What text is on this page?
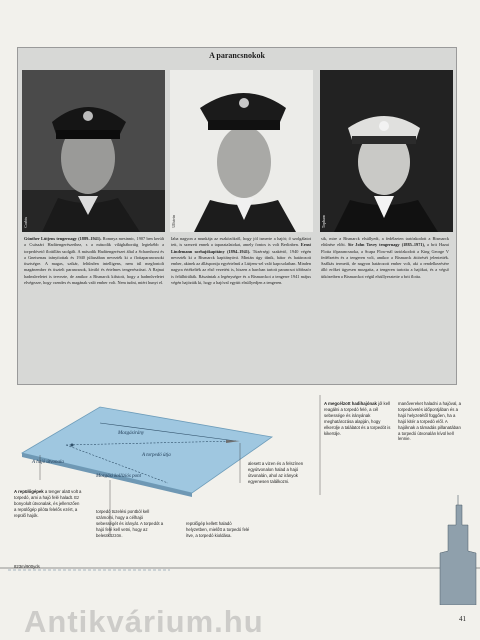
A parancsnokok
Corbis	Ullstein	Topham
Günther Lütjens tengernagy (1889–1941). Romnya mesinnic, 1907 ben került a Császári Haditengerészethez, s a második világháborúig legtekébb a torpedóvető flottillán szolgált. A második Haditengerészet által a Scharnhorst és a Gneisenau irányítottak és 1940 júliusában nevezték ki a flottaparancsnoki tisztségre. A magas, szikár, feltűnően intelligens, nem túl megfontolt magánember és tisztelt parancsnok, kiváló és értelmes tengerésztiszt. A Rajnai hadműveletet is tervezte, de amikor a Bismarck kifutott, hogy a hadműveletet elvégezze, hogy csendes és magának való ember volt. Nem tudni, miért hunyt el.
Iaba nagyon a munkája az eszközökről, hogy jól ismerte a hajót; ő szolgálatot tett, is szerzett ennek a tapasztalatokat, amely fontos is volt Berlinben. Ernst Lindemann sorhajókapitány (1894–1941). Tüzérségi szakértő, 1940 végén nevezték ki a Bismarck kapitányává. Mintán úgy tűnik, bátor és határozott ember, akinek az álláspontja egyértelmű a Lütjens-sel való kapcsolatban. Minden nagyra értékelték az első vezetést is, hiszen a harcban tartott parancsot többször is felülbírálták. Rászántak a legénységre és a Bismarckot a tengerre 1941 május végén hajózták ki, hogy a hajóval együtt elsüllyedjen a tengeren.
sik, mire a Bismarck elsüllyedt, a fedélzeten tartózkodott a Bismarck eltűnése előtt. Sir John Tovey tengernagy (1885–1971), a brit Hazai Flotta főparancsnoka, a Scapa Flow-nál tartózkodott a King George V fedélzetén és a tengeren volt, amikor a Bismarck áttörését jelentették. Szálkás termetű, de nagyon határozott ember volt, aki a rendelkezésére álló erőket ügyesen mozgatta, a tengeren tartotta a hajókat, és a végső ütközetben a Bismarckot végül elsüllyesztette a brit flotta.
Mozgásirány
A torpedó útja
A hajó útvonala
Mozgási kollíziós pont
A repülőgépek a tenger alatt volt a torpedó, ami a hajó felé haladt. Ez bonyolult útvonalak, és jellemzően a repülőgép pilóta felelős ezért, a repülő hajók.
torpedó tüzelési pontból kell számolni, hogy a célhajó sebességét és irányát. A torpedót a hajó felé kell vetni, hogy az beleütközzön.
repülőgép kellett haladó helyzetben, mielőtt a torpedó felé ítve, a torpedó kioldása.
alesett a vizen és a felszínen egyútvonalon halad a hajó útvonalán, ahol az irányok egyenesen találkozni.
A megcélzott hadihajónak jól kell reagálni a torpedó felé, a cél sebessége és irányának meghatározása alapján, hogy elkerülje a találatot és a torpedót is kikerülje.
manővereket haladni a hajóval, a torpedóvetés időpontjában és a hajó helyzetétől függően, ha a hajó kitér a torpedó elől. A hajóknak a támadás pillanatában a torpedó útvonalán kívül kell lennie.
823m/900yds
Antikvárium.hu	41
